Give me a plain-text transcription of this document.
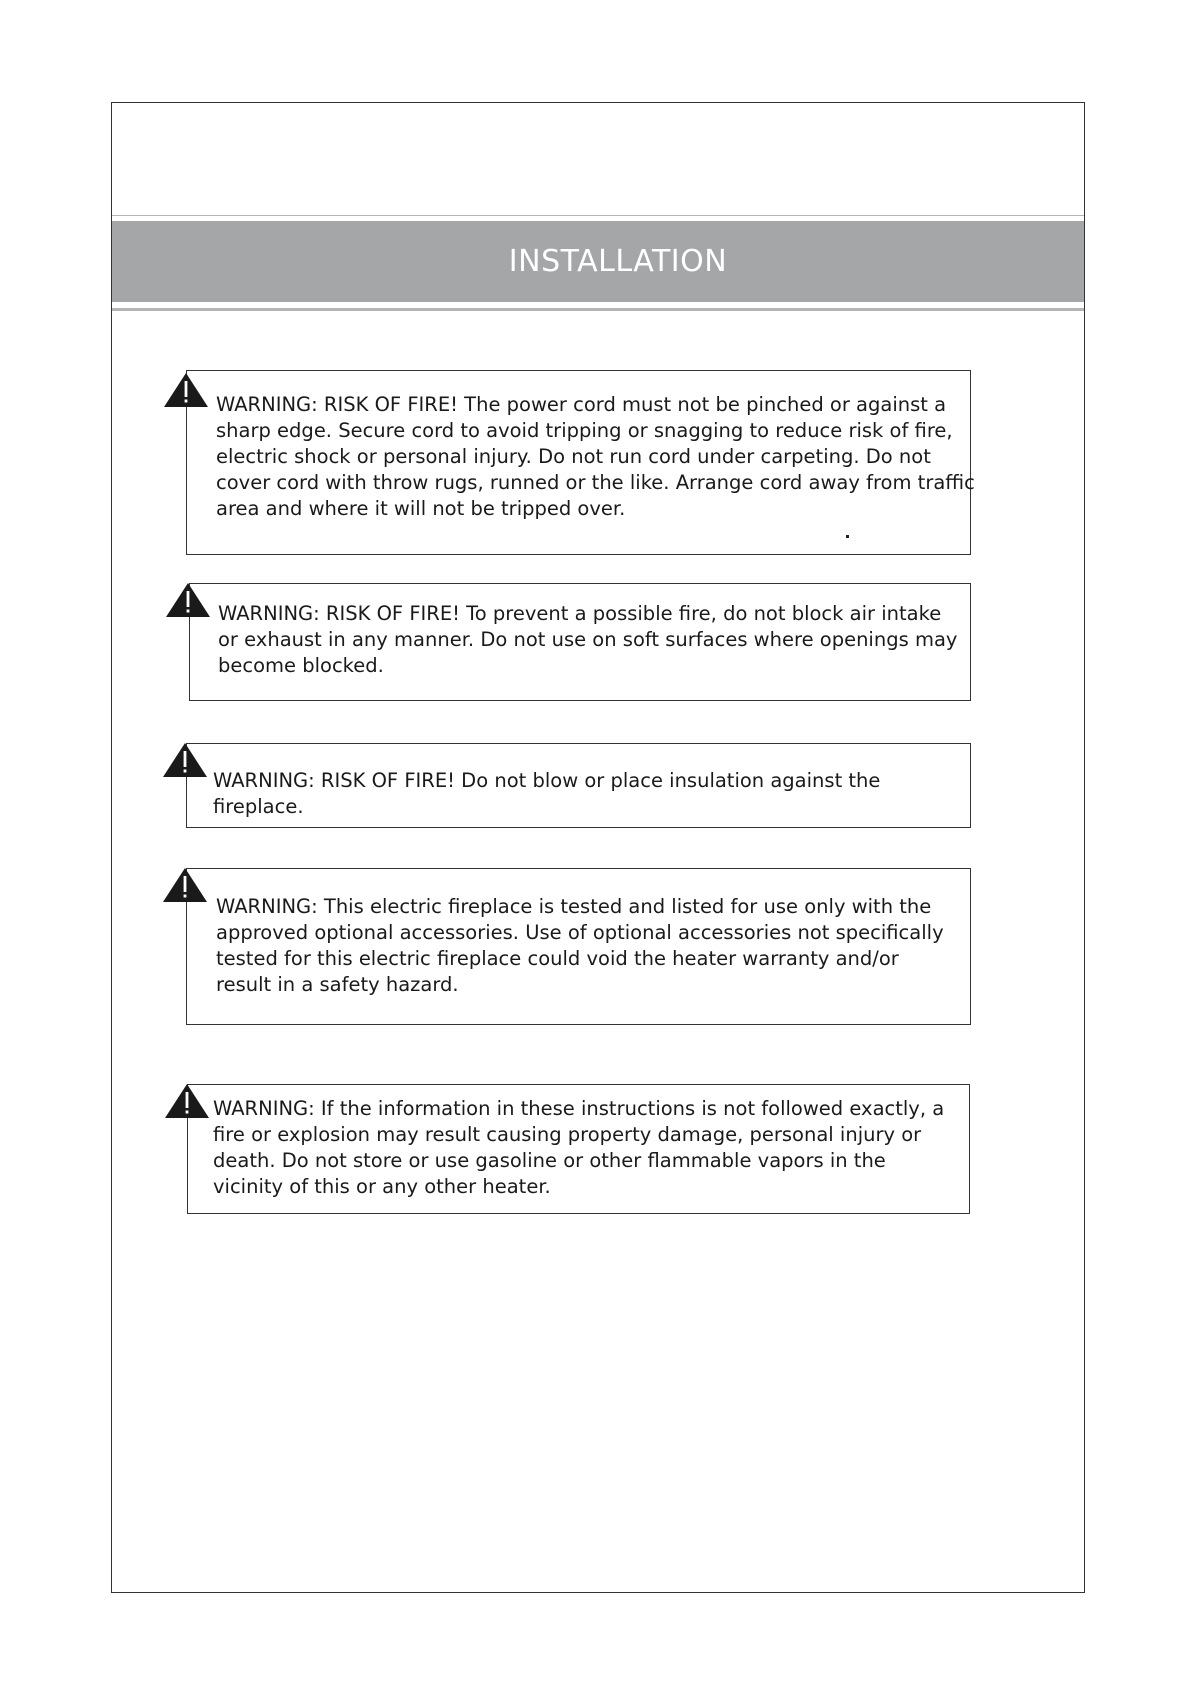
INSTALLATION

WARNING: RISK OF FIRE! The power cord must not be pinched or against a sharp edge. Secure cord to avoid tripping or snagging to reduce risk of fire, electric shock or personal injury. Do not run cord under carpeting. Do not cover cord with throw rugs, runned or the like. Arrange cord away from traffic area and where it will not be tripped over.

WARNING: RISK OF FIRE! To prevent a possible fire, do not block air intake or exhaust in any manner. Do not use on soft surfaces where openings may become blocked.

WARNING: RISK OF FIRE! Do not blow or place insulation against the fireplace.

WARNING: This electric fireplace is tested and listed for use only with the approved optional accessories. Use of optional accessories not specifically tested for this electric fireplace could void the heater warranty and/or result in a safety hazard.

WARNING: If the information in these instructions is not followed exactly, a fire or explosion may result causing property damage, personal injury or death. Do not store or use gasoline or other flammable vapors in the vicinity of this or any other heater.
